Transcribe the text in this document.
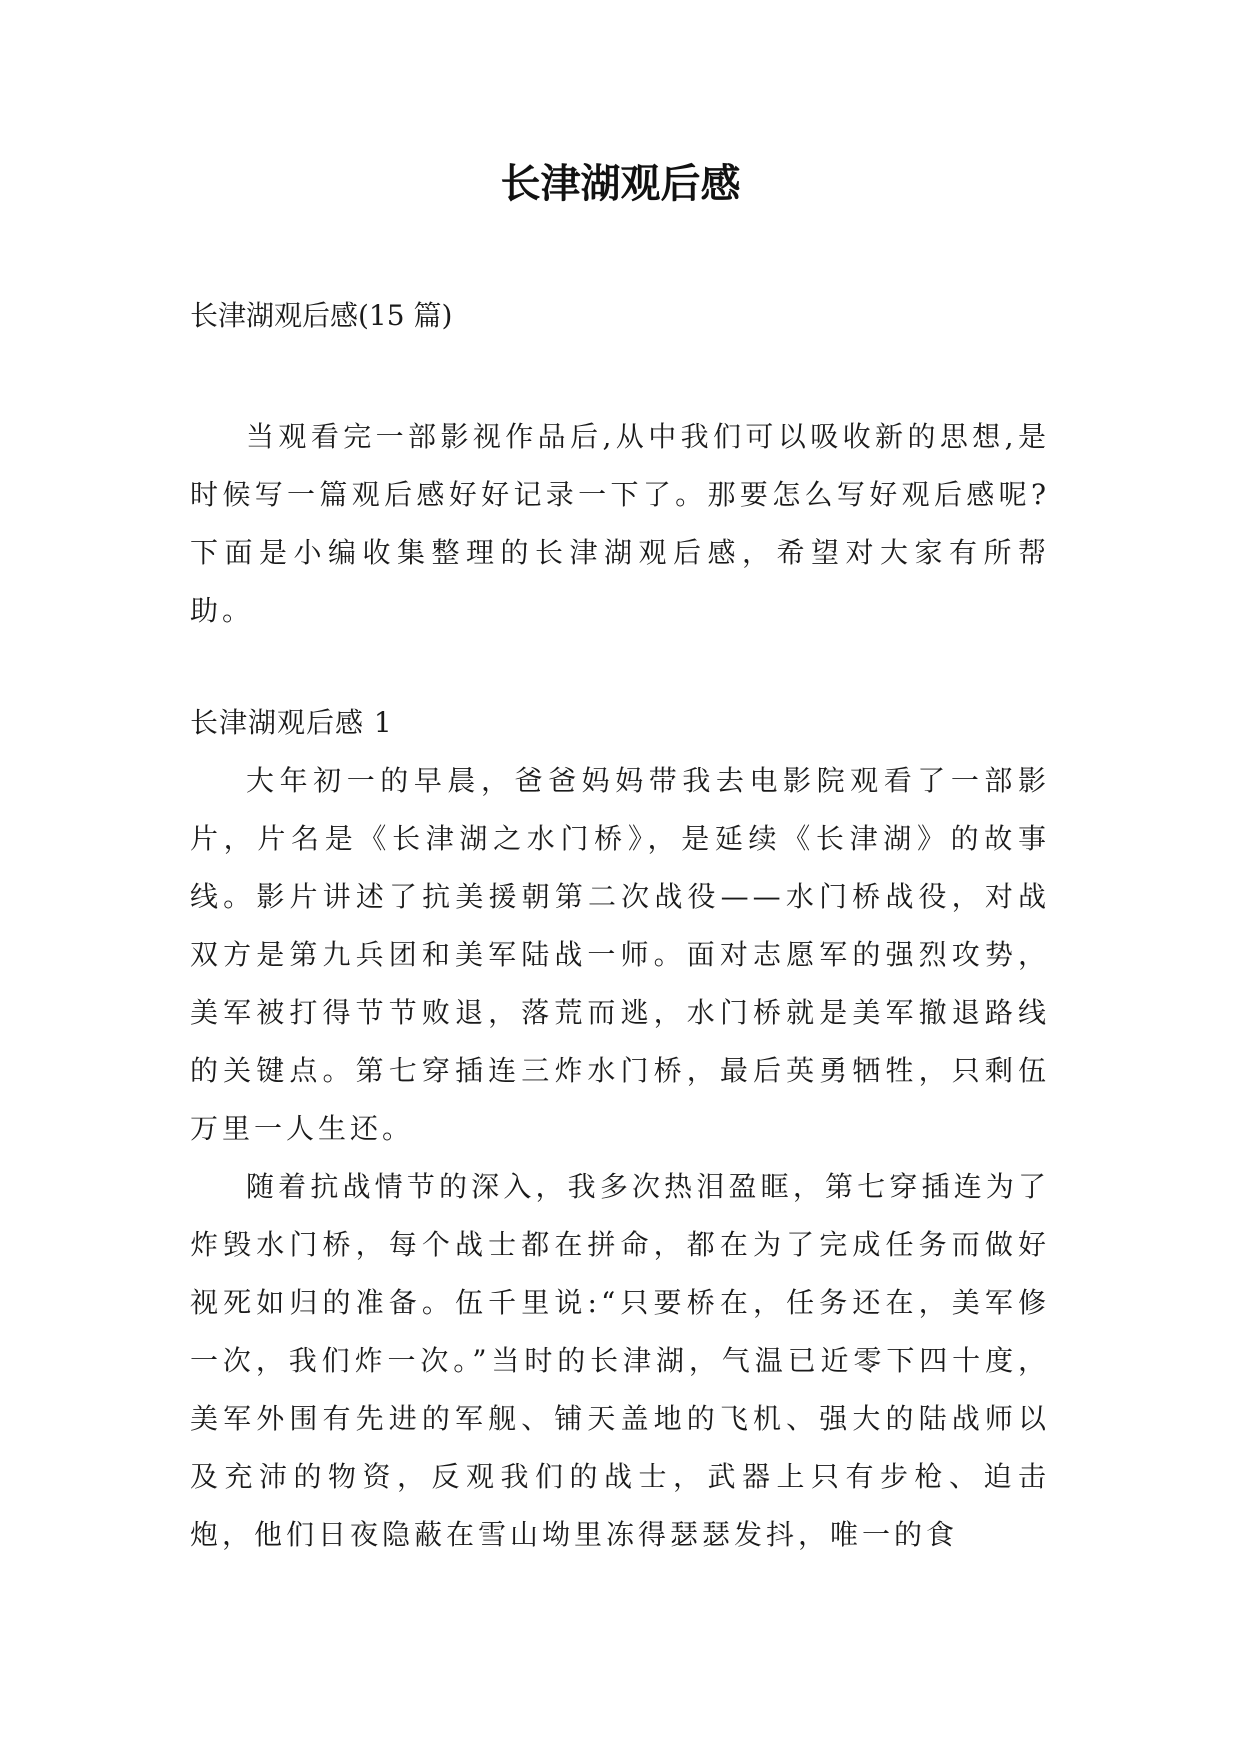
长津湖观后感

长津湖观后感(15 篇)

当观看完一部影视作品后,从中我们可以吸收新的思想,是时候写一篇观后感好好记录一下了。那要怎么写好观后感呢?下面是小编收集整理的长津湖观后感，希望对大家有所帮助。

长津湖观后感 1

大年初一的早晨，爸爸妈妈带我去电影院观看了一部影片，片名是《长津湖之水门桥》，是延续《长津湖》的故事线。影片讲述了抗美援朝第二次战役——水门桥战役，对战双方是第九兵团和美军陆战一师。面对志愿军的强烈攻势，美军被打得节节败退，落荒而逃，水门桥就是美军撤退路线的关键点。第七穿插连三炸水门桥，最后英勇牺牲，只剩伍万里一人生还。

随着抗战情节的深入，我多次热泪盈眶，第七穿插连为了炸毁水门桥，每个战士都在拼命，都在为了完成任务而做好视死如归的准备。伍千里说:“只要桥在，任务还在，美军修一次，我们炸一次。”当时的长津湖，气温已近零下四十度，美军外围有先进的军舰、铺天盖地的飞机、强大的陆战师以及充沛的物资，反观我们的战士，武器上只有步枪、迫击炮，他们日夜隐蔽在雪山坳里冻得瑟瑟发抖，唯一的食
